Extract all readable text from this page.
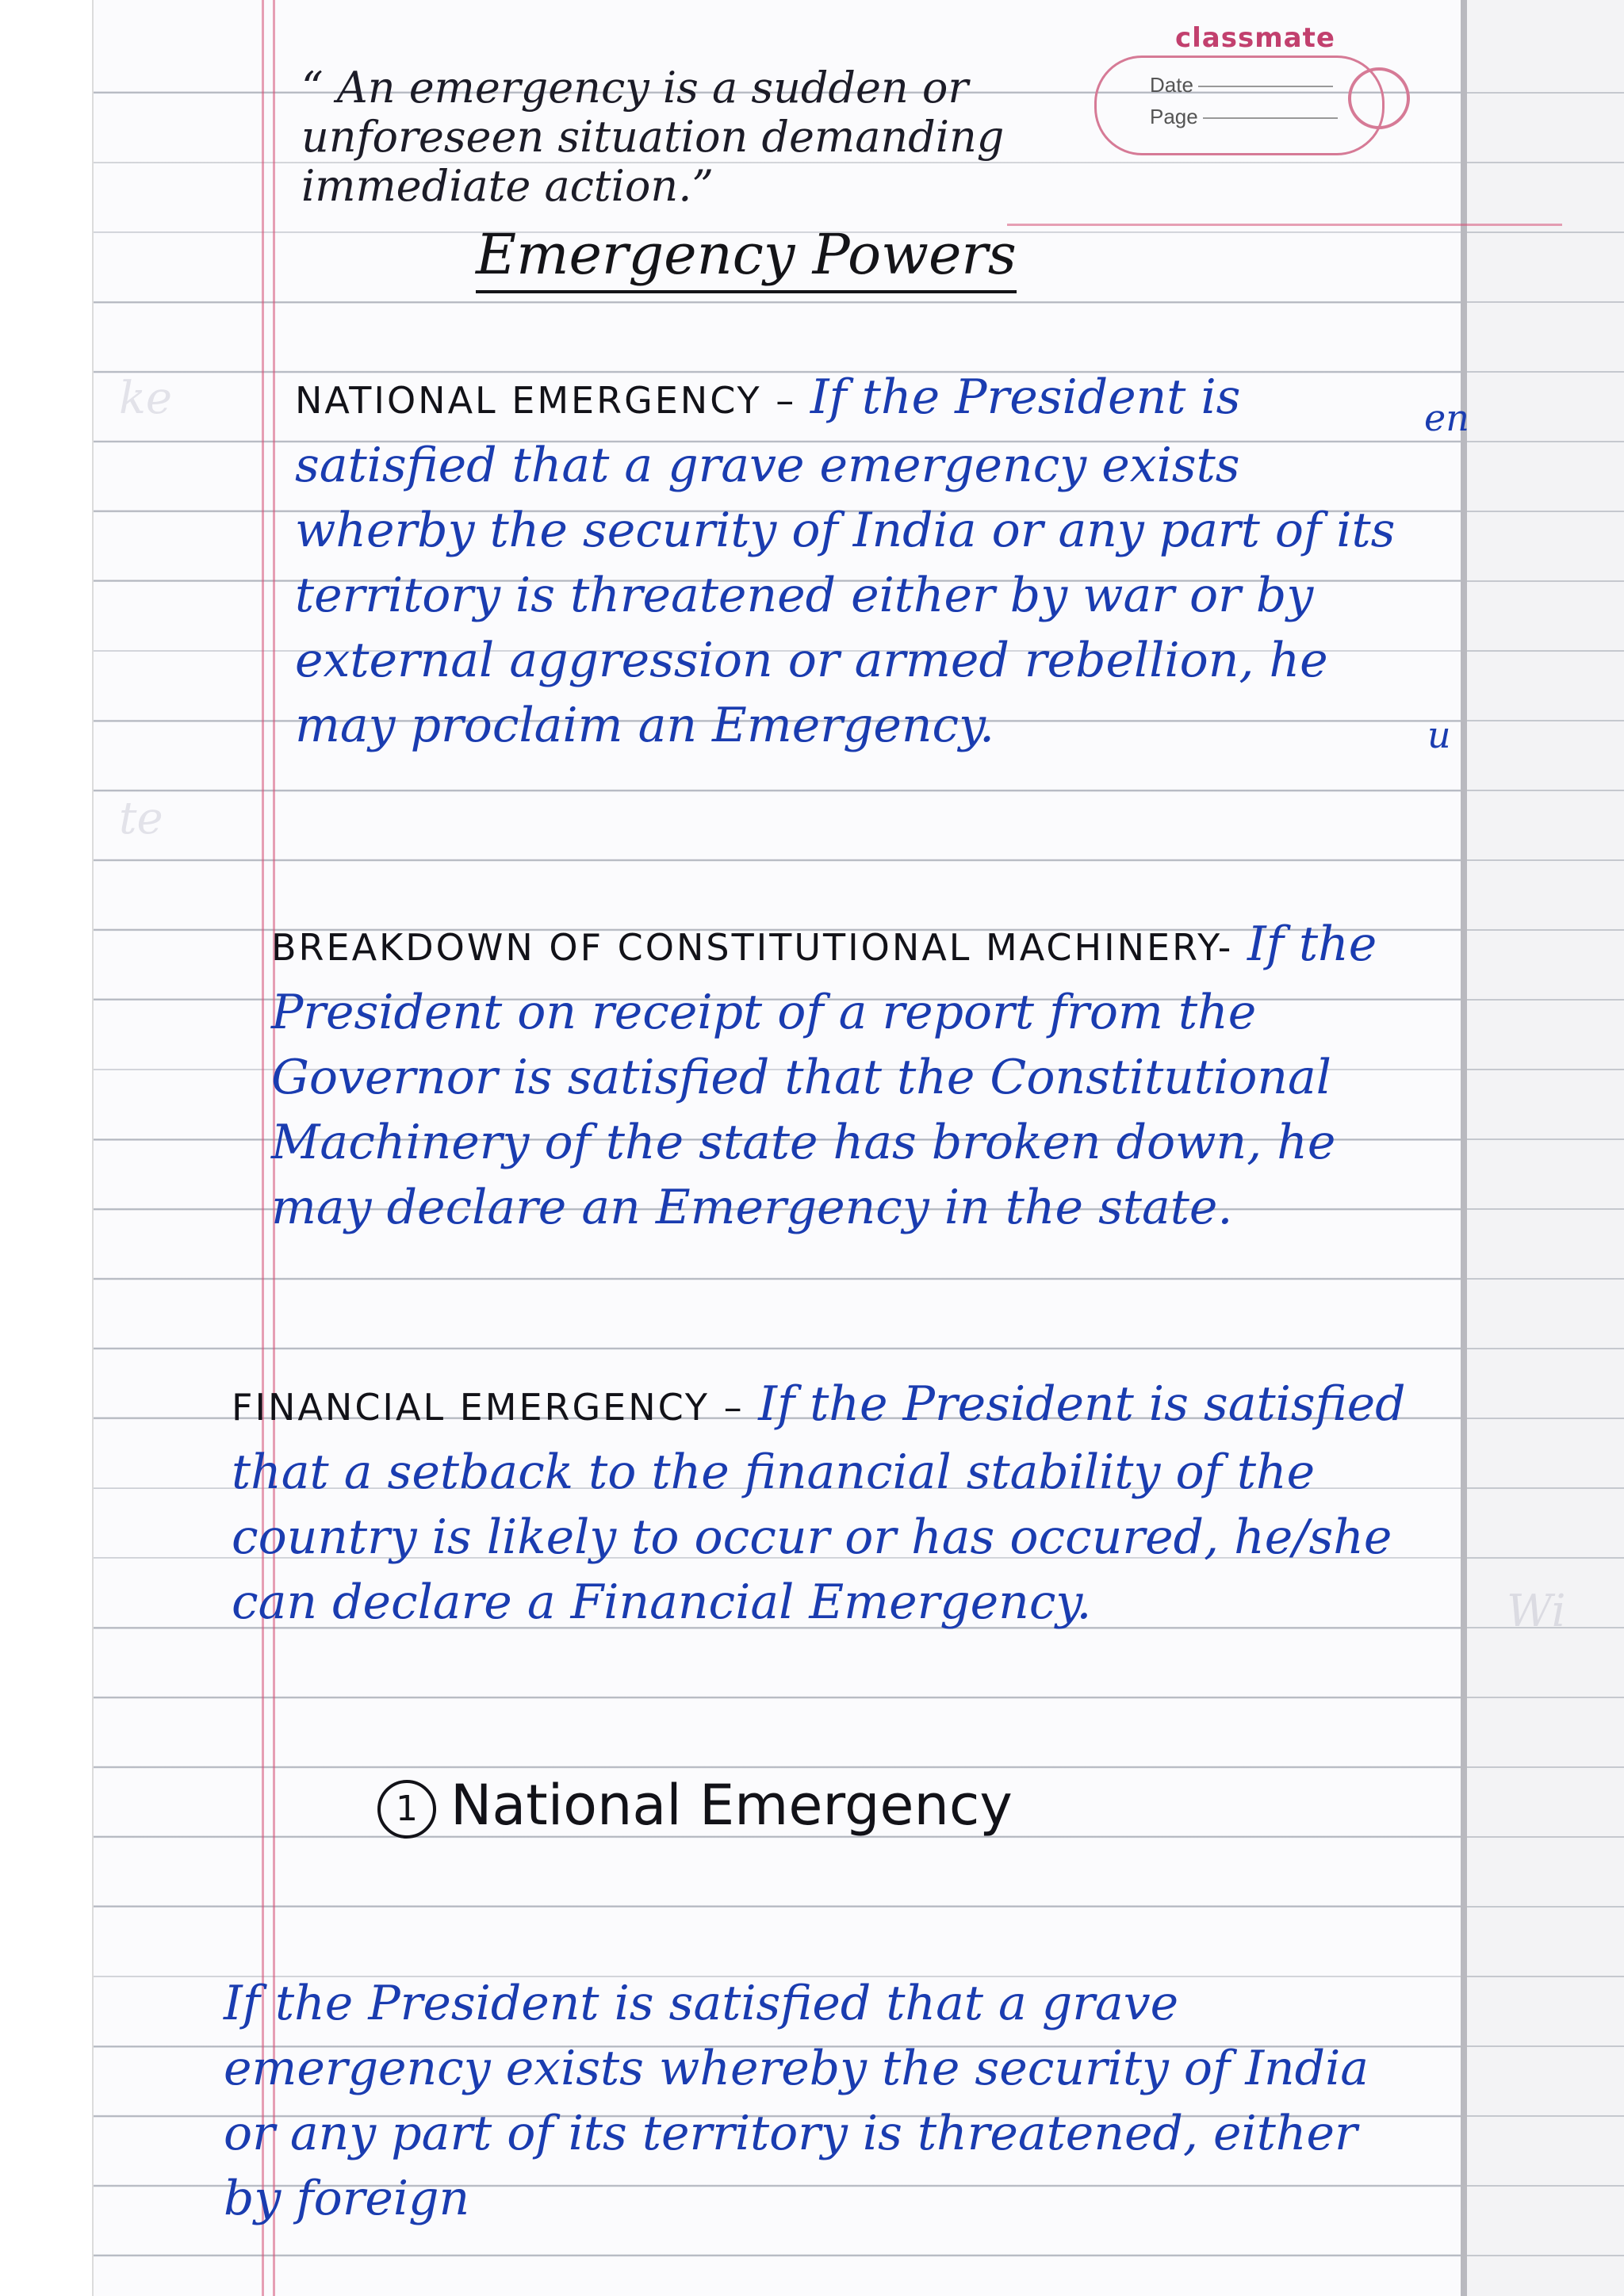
ke
te
Wi
classmate
Date
Page
“ An emergency is a sudden or unforeseen situation demanding immediate action.”
Emergency Powers
NATIONAL EMERGENCY – If the President is satisfied that a grave emergency exists wherby the security of India or any part of its territory is threatened either by war or by external aggression or armed rebellion, he may proclaim an Emergency.
BREAKDOWN OF CONSTITUTIONAL MACHINERY- If the President on receipt of a report from the Governor is satisfied that the Constitutional Machinery of the state has broken down, he may declare an Emergency in the state.
FINANCIAL EMERGENCY – If the President is satisfied that a setback to the financial stability of the country is likely to occur or has occured, he/she can declare a Financial Emergency.
1 National Emergency
If the President is satisfied that a grave emergency exists whereby the security of India or any part of its territory is threatened, either by foreign
en
u
